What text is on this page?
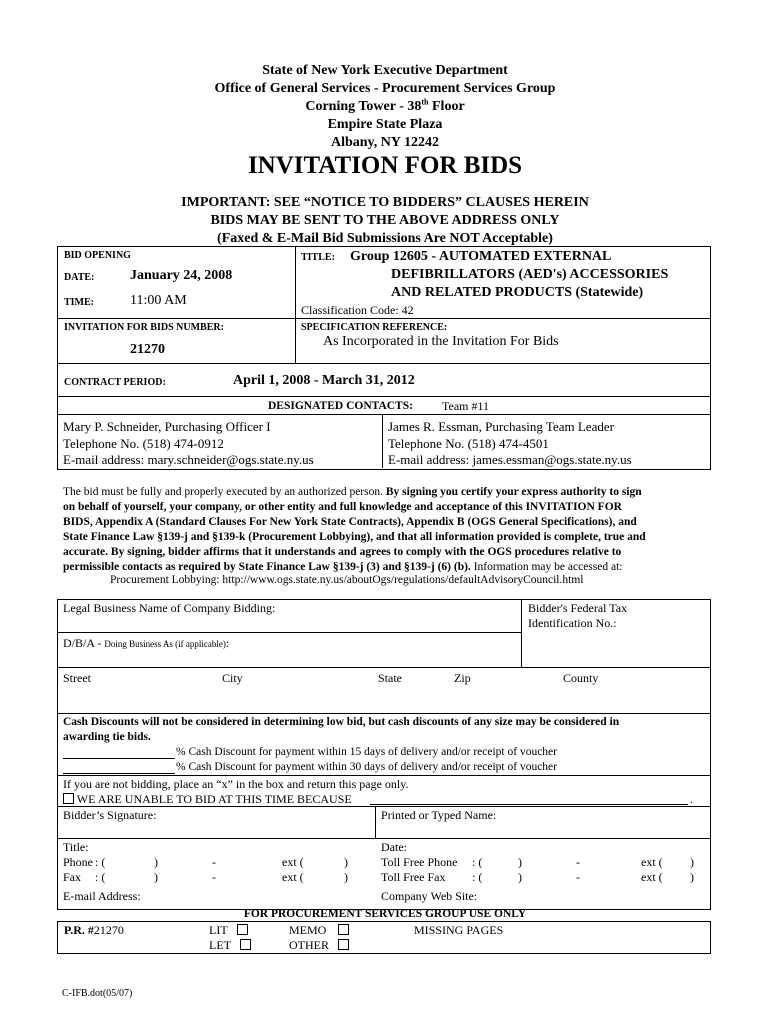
State of New York Executive Department
Office of General Services - Procurement Services Group
Corning Tower - 38th Floor
Empire State Plaza
Albany, NY 12242
INVITATION FOR BIDS
IMPORTANT: SEE “NOTICE TO BIDDERS” CLAUSES HEREIN
BIDS MAY BE SENT TO THE ABOVE ADDRESS ONLY
(Faxed & E-Mail Bid Submissions Are NOT Acceptable)
BID OPENING
DATE:	January 24, 2008
TIME:	11:00 AM
TITLE: Group 12605 - AUTOMATED EXTERNAL
DEFIBRILLATORS (AED's) ACCESSORIES
AND RELATED PRODUCTS (Statewide)
Classification Code: 42
INVITATION FOR BIDS NUMBER:
21270
SPECIFICATION REFERENCE:
As Incorporated in the Invitation For Bids
CONTRACT PERIOD:	April 1, 2008 - March 31, 2012
DESIGNATED CONTACTS: Team #11
Mary P. Schneider, Purchasing Officer I
Telephone No. (518) 474-0912
E-mail address: mary.schneider@ogs.state.ny.us
James R. Essman, Purchasing Team Leader
Telephone No. (518) 474-4501
E-mail address: james.essman@ogs.state.ny.us
The bid must be fully and properly executed by an authorized person. By signing you certify your express authority to sign
on behalf of yourself, your company, or other entity and full knowledge and acceptance of this INVITATION FOR
BIDS, Appendix A (Standard Clauses For New York State Contracts), Appendix B (OGS General Specifications), and
State Finance Law §139-j and §139-k (Procurement Lobbying), and that all information provided is complete, true and
accurate. By signing, bidder affirms that it understands and agrees to comply with the OGS procedures relative to
permissible contacts as required by State Finance Law §139-j (3) and §139-j (6) (b). Information may be accessed at:
Procurement Lobbying: http://www.ogs.state.ny.us/aboutOgs/regulations/defaultAdvisoryCouncil.html
Legal Business Name of Company Bidding:	Bidder's Federal Tax
Identification No.:
D/B/A - Doing Business As (if applicable):
Street	City	State	Zip	County
Cash Discounts will not be considered in determining low bid, but cash discounts of any size may be considered in
awarding tie bids.
% Cash Discount for payment within 15 days of delivery and/or receipt of voucher
% Cash Discount for payment within 30 days of delivery and/or receipt of voucher
If you are not bidding, place an “x” in the box and return this page only.
WE ARE UNABLE TO BID AT THIS TIME BECAUSE	.
Bidder’s Signature:	Printed or Typed Name:
Title:	Date:
Phone : (	)	-	ext (	)	Toll Free Phone : (	)	-	ext ( )
Fax : (	)	-	ext (	)	Toll Free Fax : (	)	-	ext ( )
E-mail Address:	Company Web Site:
FOR PROCUREMENT SERVICES GROUP USE ONLY
P.R. #21270	LIT
LET
MEMO
OTHER
MISSING PAGES
C-IFB.dot(05/07)
